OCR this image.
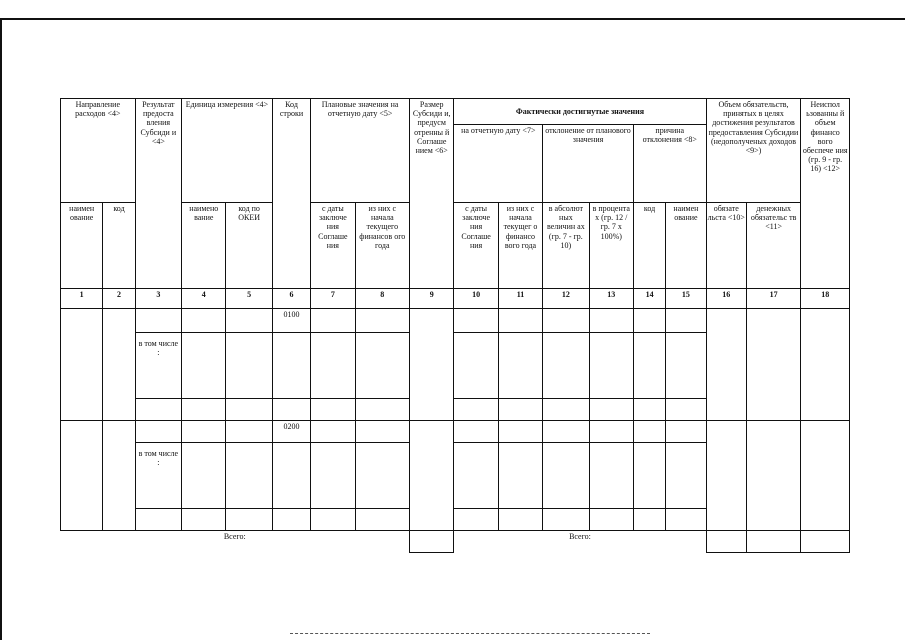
Направление расходов <4>		Результат предоста вления Субсиди и <4>	Единица измерения <4>		Код строки	Плановые значения на отчетную дату <5>		Размер Субсиди и, предусм отренны й Соглаше нием <6>	Фактически достигнутые значения						Объем обязательств, принятых в целях достижения результатов предоставления Субсидии (недополученых доходов <9>)		Неиспол ьзованны й объем финансо вого обеспече ния (гр. 9 - гр. 16) <12>
									на отчетную дату <7>		отклонение от планового значения		причина отклонения <8>				
наимен ование	код		наимено вание	код по ОКЕИ		с даты заключе ния Соглаше ния	из них с начала текущего финансов ого года		с даты заключе ния Соглаше ния	из них с начала текущег о финансо вого года	в абсолют ных величин ах (гр. 7 - гр. 10)	в процента х (гр. 12 / гр. 7 х 100%)	код	наимен ование	обязате льста <10>	денежных обязательс тв <11>	
1	2	3	4	5	6	7	8	9	10	11	12	13	14	15	16	17	18
					0100												
		в том числе :															

					0200												
		в том числе :															

Всего:									Всего:								
